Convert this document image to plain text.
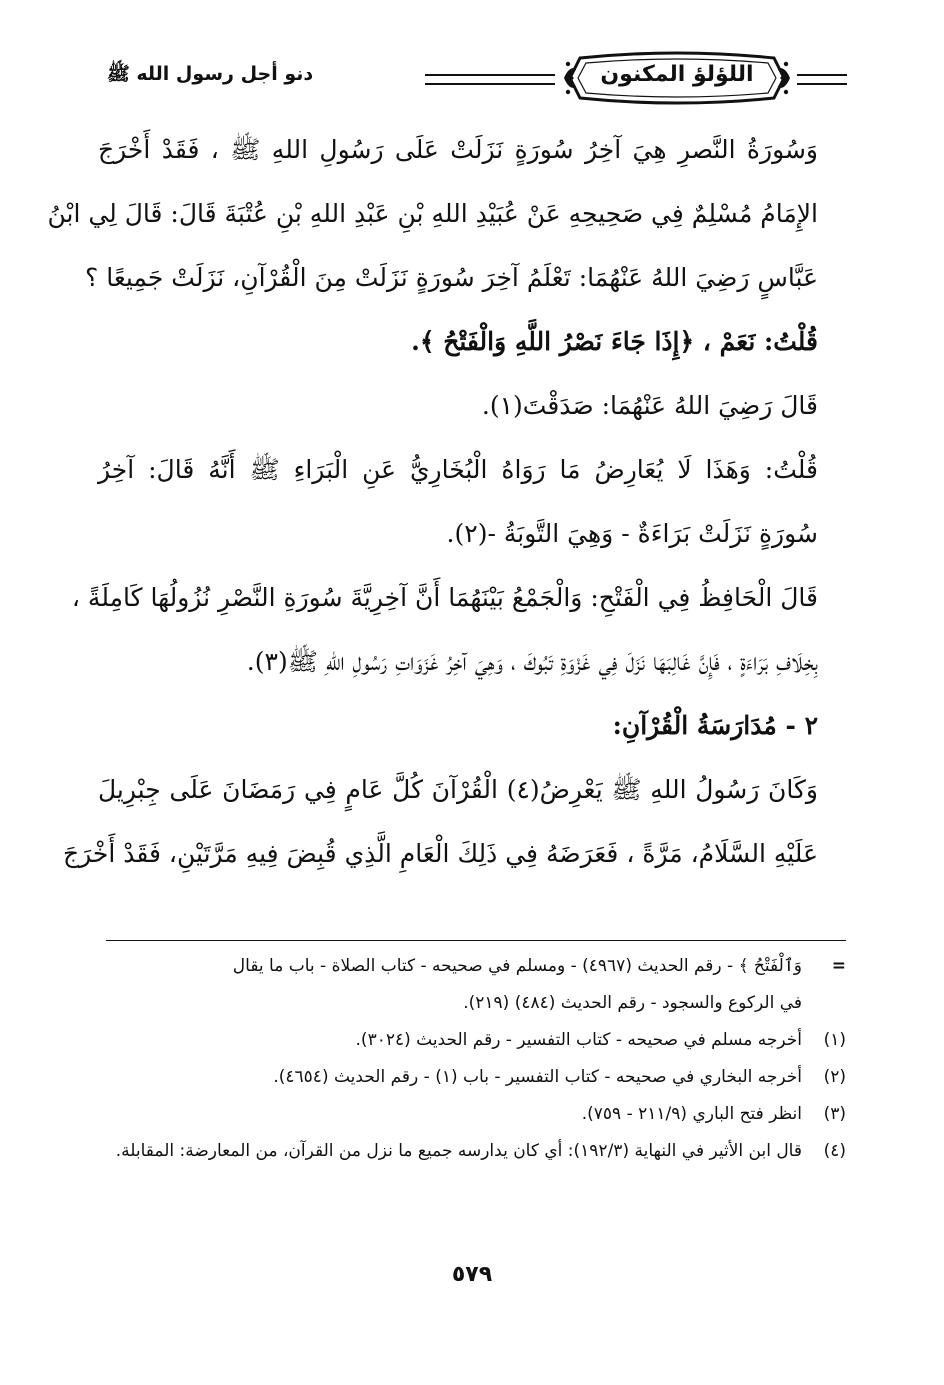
اللؤلؤ المكنون
دنو أجل رسول الله ﷺ
وَسُورَةُ النَّصرِ هِيَ آخِرُ سُورَةٍ نَزَلَتْ عَلَى رَسُولِ اللهِ ﷺ ، فَقَدْ أَخْرَجَ
الإِمَامُ مُسْلِمٌ فِي صَحِيحِهِ عَنْ عُبَيْدِ اللهِ بْنِ عَبْدِ اللهِ بْنِ عُتْبَةَ قَالَ: قَالَ لِي ابْنُ
عَبَّاسٍ رَضِيَ اللهُ عَنْهُمَا: تَعْلَمُ آخِرَ سُورَةٍ نَزَلَتْ مِنَ الْقُرْآنِ، نَزَلَتْ جَمِيعًا ؟
قُلْتُ: نَعَمْ ، ﴿إِذَا جَاءَ نَصْرُ اللَّهِ وَالْفَتْحُ ﴾.
قَالَ رَضِيَ اللهُ عَنْهُمَا: صَدَقْتَ(١).
قُلْتُ: وَهَذَا لَا يُعَارِضُ مَا رَوَاهُ الْبُخَارِيُّ عَنِ الْبَرَاءِ ﷺ أَنَّهُ قَالَ: آخِرُ
سُورَةٍ نَزَلَتْ بَرَاءَةٌ - وَهِيَ التَّوبَةُ -(٢).
قَالَ الْحَافِظُ فِي الْفَتْحِ: وَالْجَمْعُ بَيْنَهُمَا أَنَّ آخِرِيَّةَ سُورَةِ النَّصْرِ نُزُولُهَا كَامِلَةً ،
بِخِلَافِ بَرَاءَةٍ ، فَإِنَّ غَالِبَهَا نَزَلَ فِي غَزْوَةِ تَبُوكَ ، وَهِيَ آخِرُ غَزَوَاتِ رَسُولِ اللهِ ﷺ(٣).
٢ - مُدَارَسَةُ الْقُرْآنِ:
وَكَانَ رَسُولُ اللهِ ﷺ يَعْرِضُ(٤) الْقُرْآنَ كُلَّ عَامٍ فِي رَمَضَانَ عَلَى جِبْرِيلَ
عَلَيْهِ السَّلَامُ، مَرَّةً ، فَعَرَضَهُ فِي ذَلِكَ الْعَامِ الَّذِي قُبِضَ فِيهِ مَرَّتَيْنِ، فَقَدْ أَخْرَجَ
=
وَٱلْفَتْحُ ﴾ - رقم الحديث (٤٩٦٧) - ومسلم في صحيحه - كتاب الصلاة - باب ما يقال
في الركوع والسجود - رقم الحديث (٤٨٤) (٢١٩).
(١)
أخرجه مسلم في صحيحه - كتاب التفسير - رقم الحديث (٣٠٢٤).
(٢)
أخرجه البخاري في صحيحه - كتاب التفسير - باب (١) - رقم الحديث (٤٦٥٤).
(٣)
انظر فتح الباري (٢١١/٩ - ٧٥٩).
(٤)
قال ابن الأثير في النهاية (١٩٢/٣): أي كان يدارسه جميع ما نزل من القرآن، من المعارضة: المقابلة.
٥٧٩
